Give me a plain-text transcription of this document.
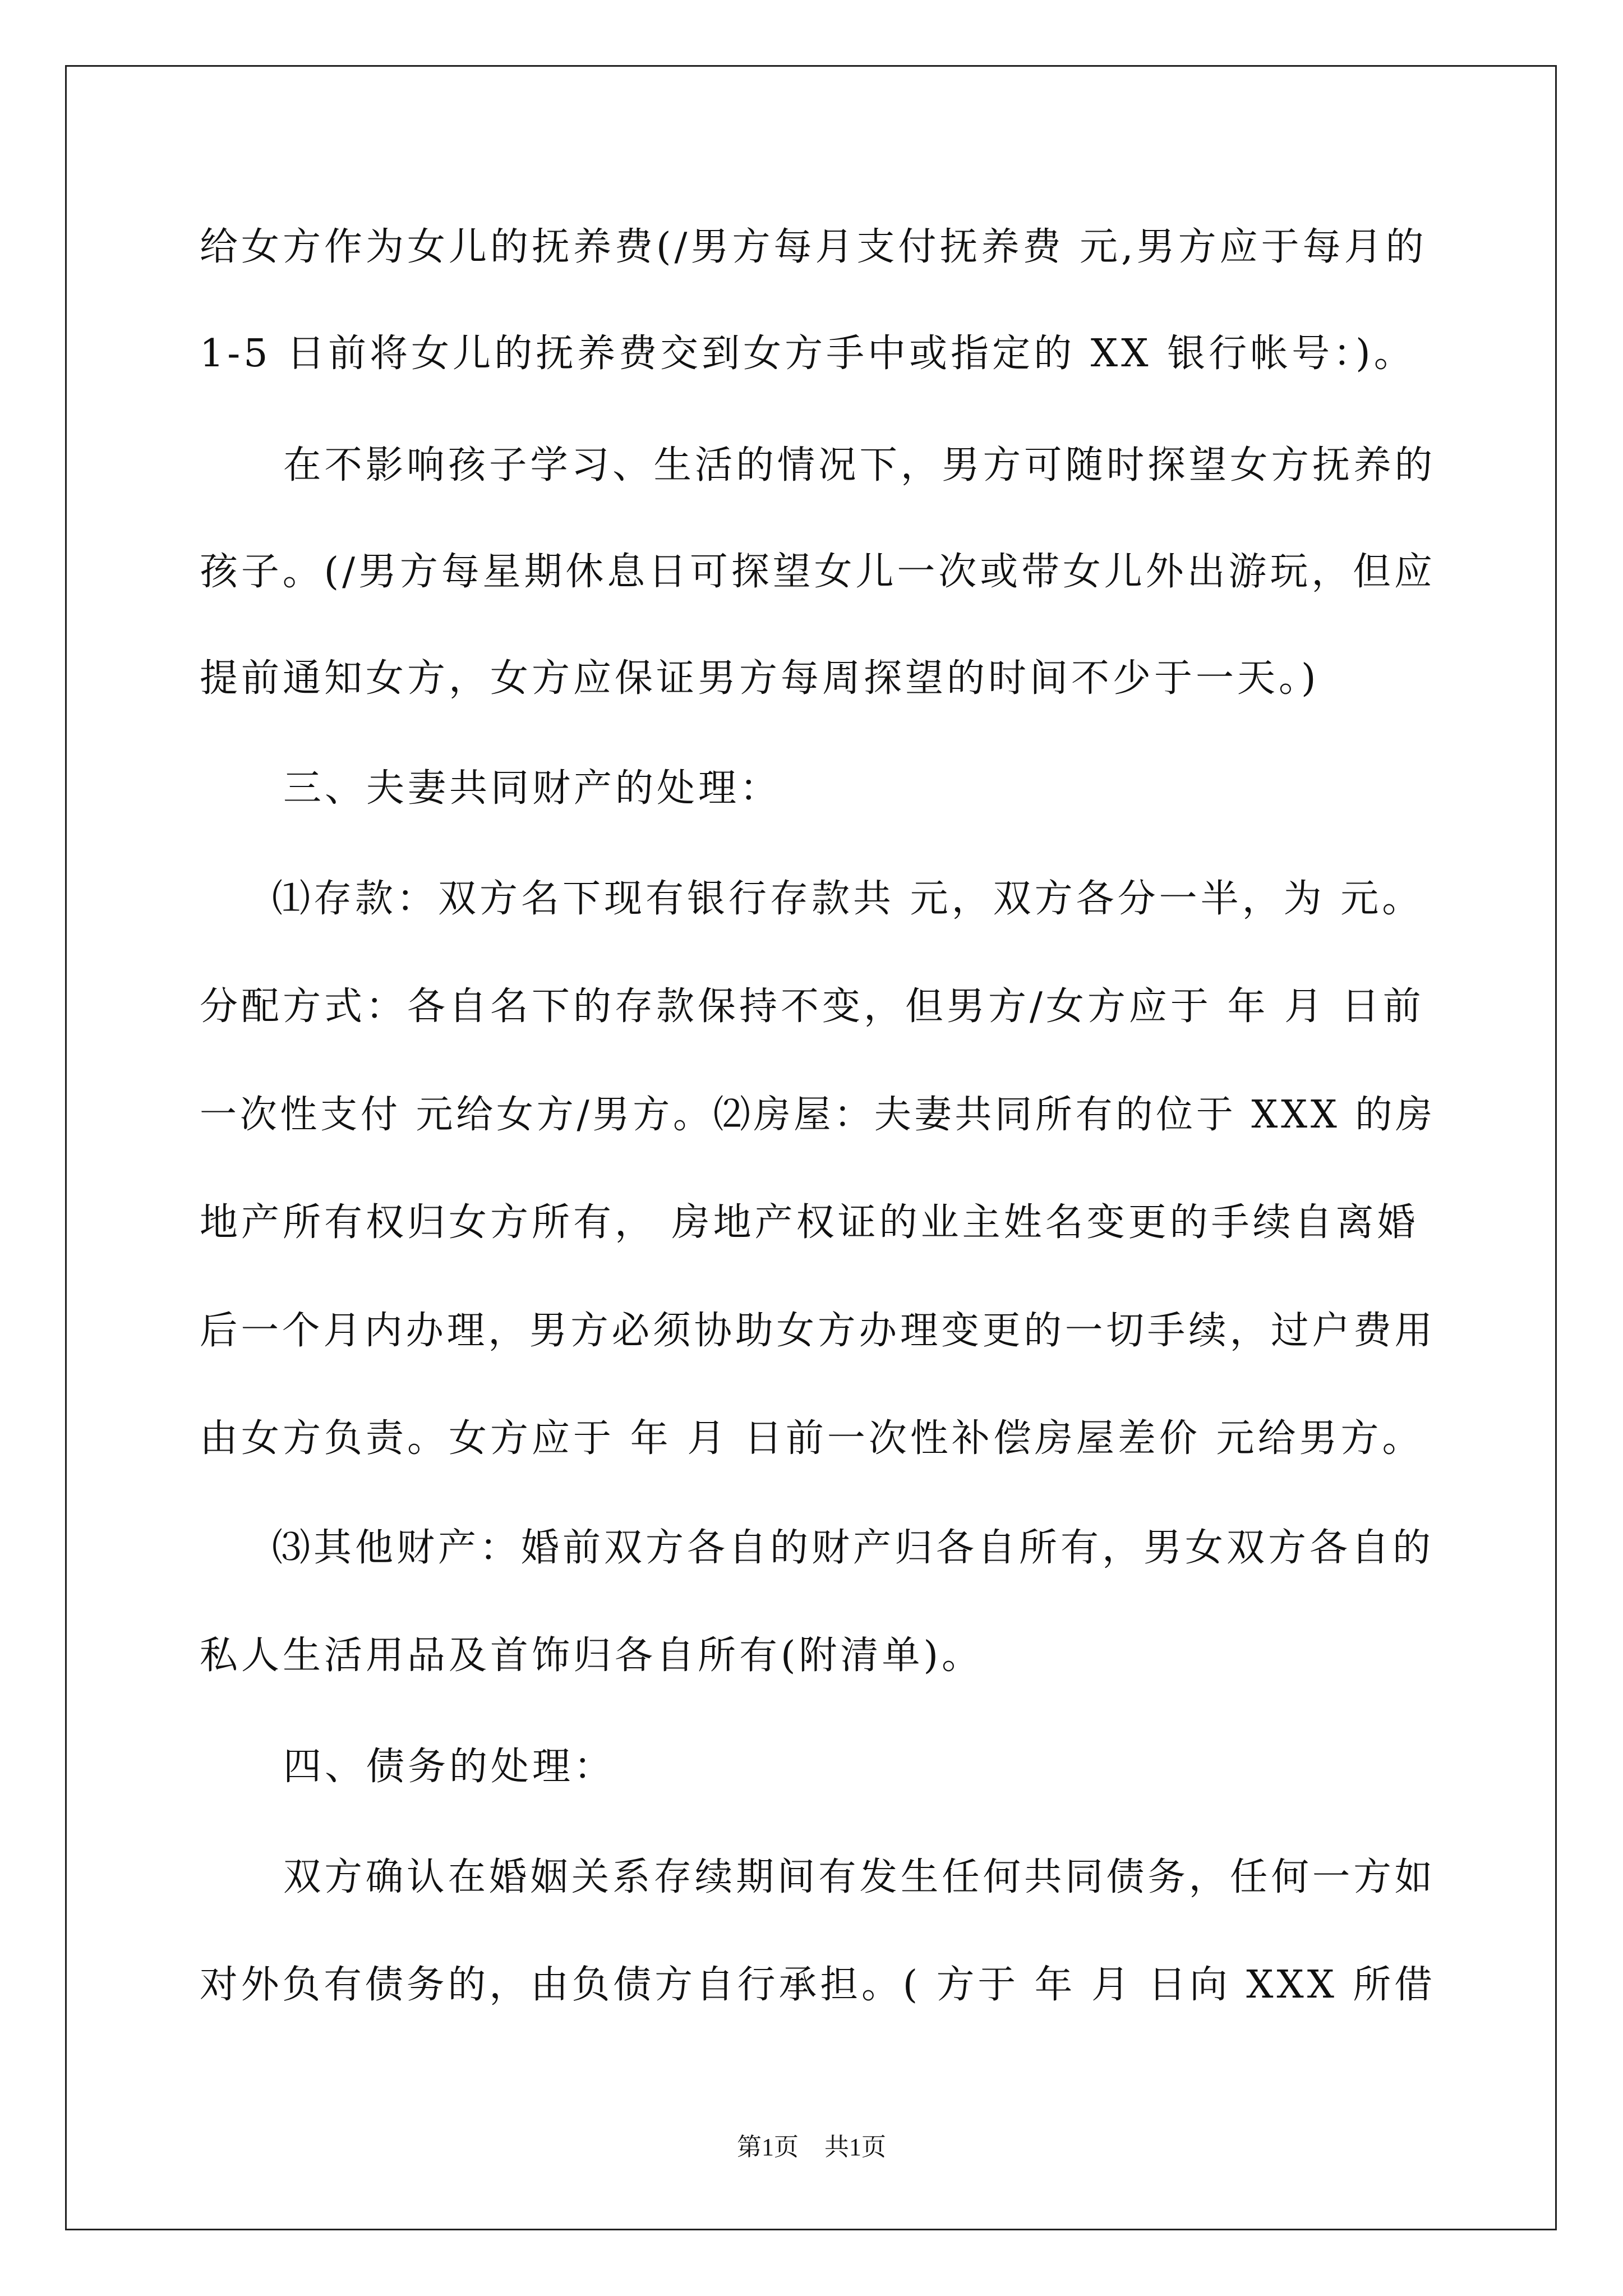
给女方作为女儿的抚养费(/男方每月支付抚养费 元,男方应于每月的
1-5 日前将女儿的抚养费交到女方手中或指定的 XX 银行帐号：)。
在不影响孩子学习、生活的情况下，男方可随时探望女方抚养的
孩子。(/男方每星期休息日可探望女儿一次或带女儿外出游玩，但应
提前通知女方，女方应保证男方每周探望的时间不少于一天。)
三、夫妻共同财产的处理：
⑴存款：双方名下现有银行存款共 元，双方各分一半，为 元。
分配方式：各自名下的存款保持不变，但男方/女方应于 年 月 日前
一次性支付 元给女方/男方。⑵房屋：夫妻共同所有的位于 XXX 的房
地产所有权归女方所有， 房地产权证的业主姓名变更的手续自离婚
后一个月内办理，男方必须协助女方办理变更的一切手续，过户费用
由女方负责。女方应于 年 月 日前一次性补偿房屋差价 元给男方。
⑶其他财产：婚前双方各自的财产归各自所有，男女双方各自的
私人生活用品及首饰归各自所有(附清单)。
四、债务的处理：
双方确认在婚姻关系存续期间有发生任何共同债务，任何一方如
对外负有债务的，由负债方自行承担。( 方于 年 月 日向 XXX 所借
第1页 共1页
